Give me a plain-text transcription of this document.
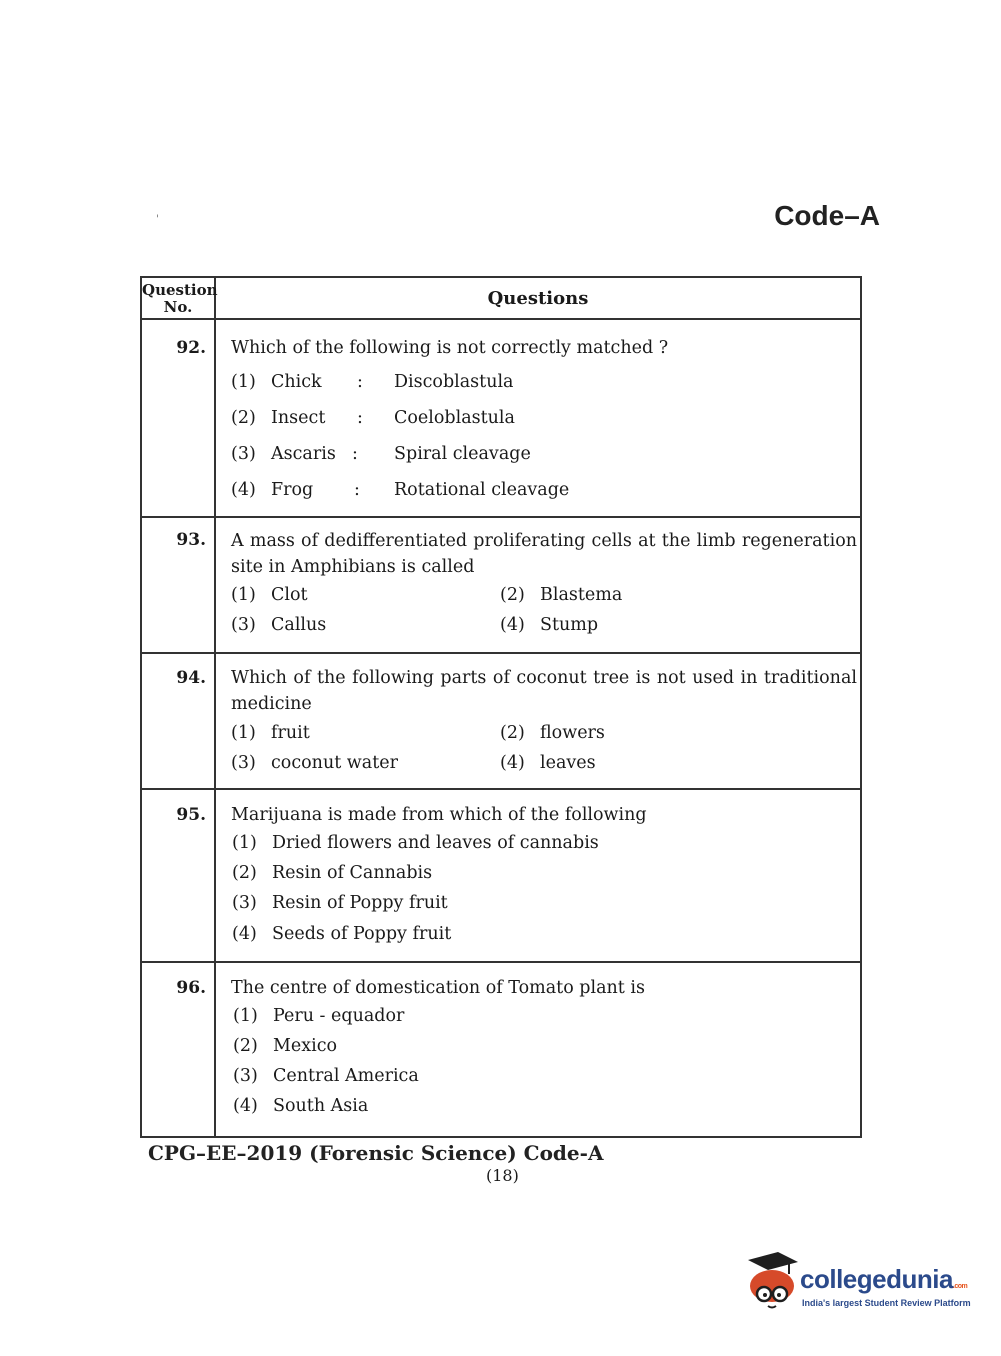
Code–A
'
Question No.	Questions
92. Which of the following is not correctly matched ?
(1) Chick : Discoblastula
(2) Insect : Coeloblastula
(3) Ascaris : Spiral cleavage
(4) Frog : Rotational cleavage
93. A mass of dedifferentiated proliferating cells at the limb regeneration site in Amphibians is called
(1) Clot	(2) Blastema
(3) Callus	(4) Stump
94. Which of the following parts of coconut tree is not used in traditional medicine
(1) fruit	(2) flowers
(3) coconut water	(4) leaves
95. Marijuana is made from which of the following
(1) Dried flowers and leaves of cannabis
(2) Resin of Cannabis
(3) Resin of Poppy fruit
(4) Seeds of Poppy fruit
96. The centre of domestication of Tomato plant is
(1) Peru - equador
(2) Mexico
(3) Central America
(4) South Asia
CPG–EE–2019 (Forensic Science) Code-A
(18)
collegedunia.com
India's largest Student Review Platform
